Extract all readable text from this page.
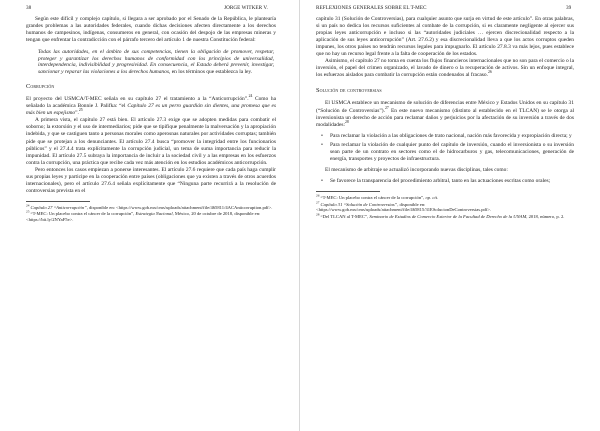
38	JORGE WITKER V.

Según este difícil y complejo capítulo, si llegara a ser aprobado por el Senado de la República, le plantearía grandes problemas a las autoridades federales, cuando dichas decisiones afecten directamente a los derechos humanos de campesinos, indígenas, consumeros en general, con ocasión del despojo de las empresas mineras y tengan que enfrentar la contradicción con el párrafo tercero del artículo 1 de nuestra Constitución federal:

Todas las autoridades, en el ámbito de sus competencias, tienen la obligación de promover, respetar, proteger y garantizar los derechos humanos de conformidad con los principios de universalidad, interdependencia, indivisibilidad y progresividad. En consecuencia, el Estado deberá prevenir, investigar, sancionar y reparar las violaciones a los derechos humanos, en los términos que establezca la ley.
Corrupción

El proyecto del USMCA/T-MEC señala en su capítulo 27 el tratamiento a la “Anticorrupción”.$^{24}$ Como ha señalado la académica Bonnie J. Palifka: “el Capítulo 27 es un perro guardián sin dientes, una promesa que es más bien un espejismo”.$^{25}$

A primera vista, el capítulo 27 está bien. El artículo 27.3 exige que se adopten medidas para combatir el soborno; la extorsión y el uso de intermediarios; pide que se tipifique penalmente la malversación y la apropiación indebida, y que se castiguen tanto a personas morales como aperosnas naturales por actividades corruptas; también pide que se protejan a los denunciantes. El artículo 27.4 busca “promover la integridad entre los funcionarios públicos” y el 27.4.4 trata explícitamente la corrupción judicial, un tema de suma importancia para reducir la impunidad. El artículo 27.5 subraya la importancia de incluir a la sociedad civil y a las empresas en los esfuerzos contra la corrupción, una práctica que recibe cada vez más atención en los estudios académicos anticorrupción.

Pero entonces los casos empiezan a ponerse interesantes. El artículo 27.6 requiere que cada país haga cumplir sus propias leyes y participe en la cooperación entre países (obligaciones que ya existen a través de otros acuerdos internacionales), pero el artículo 27.6.4 señala explícitamente que “Ninguna parte recurrirá a la resolución de controversias prevista en el

$^{24}$ Capítulo 27 “Anticorrupción”, disponible en: <https://www.gob.mx/cms/uploads/attachment/file/465811/4ACAnticorruption.pdf>.

$^{25}$ “T-MEC: Un placebo contra el cáncer de la corrupción”, Estrategia Nacional, México, 20 de octubre de 2018, disponible en: <https://bit.ly/2NYaF5e>.

REFLEXIONES GENERALES SOBRE EL T-MEC	39

capítulo 31 (Solución de Controversias), para cualquier asunto que surja en virtud de este artículo”. En otras palabras, si un país no dedica los recursos suficientes al combate de la corrupción, si es claramente negligente al ejercer sus propias leyes anticorrupción e incluso si las “autoridades judiciales … ejercen discrecionalidad respecto a la aplicación de sus leyes anticorrupción” (Art. 27.6.2) y esa discrecionalidad lleva a que los actos corruptos queden impunes, los otros países no tendrán recursos legales para impugnarlo. El artículo 27.8.3 va más lejos, pues establece que no hay un recurso legal frente a la falta de cooperación de los estados.

Asimismo, el capítulo 27 no toma en cuenta los flujos financieros internacionales que no son para el comercio o la inversión, el papel del crimen organizado, el lavado de dinero o la recuperación de activos. Sin un enfoque integral, los esfuerzos aislados para combatir la corrupción están condenados al fracaso.$^{26}$

Solución de controversias

El USMCA establece un mecanismo de solución de diferencias entre México y Estados Unidos en su capítulo 31 (“Solución de Controversias”).$^{27}$ En este nuevo mecanismo (distinto al establecido en el TLCAN) se le otorga al inversionista un derecho de acción para reclamar daños y perjuicios por la afectación de su inversión a través de dos modalidades:$^{28}$

• Para reclamar la violación a las obligaciones de trato nacional, nación más favorecida y expropiación directa; y
• Para reclamar la violación de cualquier punto del capítulo de inversión, cuando el inversionista o su inversión sean parte de un contrato en sectores como el de hidrocarburos y gas, telecomunicaciones, generación de energía, transportes y proyectos de infraestructura.

El mecanismo de arbitraje se actualizó incorporando nuevas disciplinas, tales como:

• Se favorece la transparencia del procedimiento arbitral, tanto en las actuaciones escritas como orales;

$^{26}$ “T-MEC: Un placebo contra el cáncer de la corrupción”, op. cit.

$^{27}$ Capítulo 31 “Solución de Controversias”, disponible en: <https://www.gob.mx/cms/uploads/attachment/file/465815/31ESolucionDeControversias.pdf>.

$^{28}$ “Del TLCAN al T-MEC”, Seminario de Estudios de Comercio Exterior de la Facultad de Derecho de la UNAM, 2018, número, p. 2.
